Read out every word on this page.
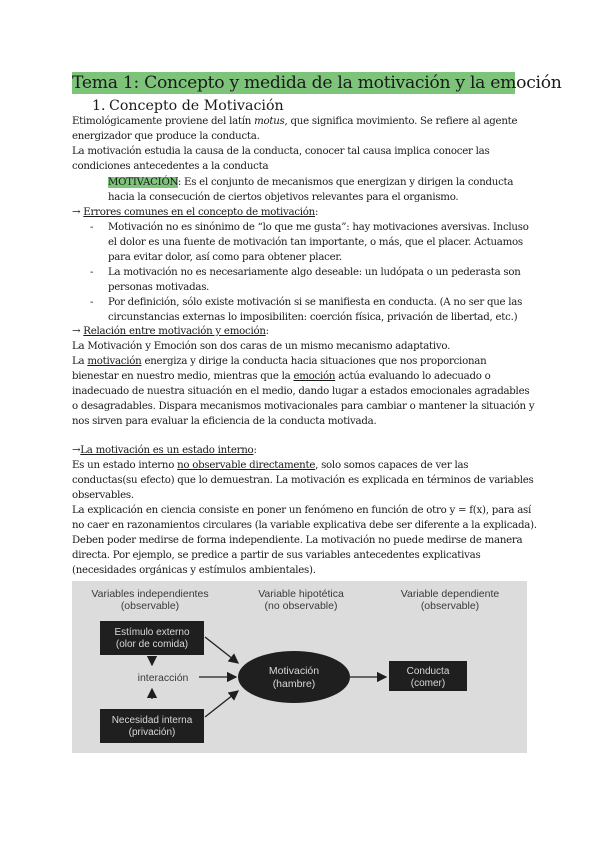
Tema 1: Concepto y medida de la motivación y la emoción
1. Concepto de Motivación
Etimológicamente proviene del latín motus, que significa movimiento. Se refiere al agente
energizador que produce la conducta.
La motivación estudia la causa de la conducta, conocer tal causa implica conocer las
condiciones antecedentes a la conducta
MOTIVACIÓN: Es el conjunto de mecanismos que energizan y dirigen la conducta
hacia la consecución de ciertos objetivos relevantes para el organismo.
→ Errores comunes en el concepto de motivación:
- Motivación no es sinónimo de “lo que me gusta”: hay motivaciones aversivas. Incluso
el dolor es una fuente de motivación tan importante, o más, que el placer. Actuamos
para evitar dolor, así como para obtener placer.
- La motivación no es necesariamente algo deseable: un ludópata o un pederasta son
personas motivadas.
- Por definición, sólo existe motivación si se manifiesta en conducta. (A no ser que las
circunstancias externas lo imposibiliten: coerción física, privación de libertad, etc.)
→ Relación entre motivación y emoción:
La Motivación y Emoción son dos caras de un mismo mecanismo adaptativo.
La motivación energiza y dirige la conducta hacia situaciones que nos proporcionan
bienestar en nuestro medio, mientras que la emoción actúa evaluando lo adecuado o
inadecuado de nuestra situación en el medio, dando lugar a estados emocionales agradables
o desagradables. Dispara mecanismos motivacionales para cambiar o mantener la situación y
nos sirven para evaluar la eficiencia de la conducta motivada.
→La motivación es un estado interno:
Es un estado interno no observable directamente, solo somos capaces de ver las
conductas(su efecto) que lo demuestran. La motivación es explicada en términos de variables
observables.
La explicación en ciencia consiste en poner un fenómeno en función de otro y = f(x), para así
no caer en razonamientos circulares (la variable explicativa debe ser diferente a la explicada).
Deben poder medirse de forma independiente. La motivación no puede medirse de manera
directa. Por ejemplo, se predice a partir de sus variables antecedentes explicativas
(necesidades orgánicas y estímulos ambientales).
Variables independientes
(observable)
Variable hipotética
(no observable)
Variable dependiente
(observable)
Estímulo externo
(olor de comida)
interacción
Necesidad interna
(privación)
Motivación
(hambre)
Conducta
(comer)
